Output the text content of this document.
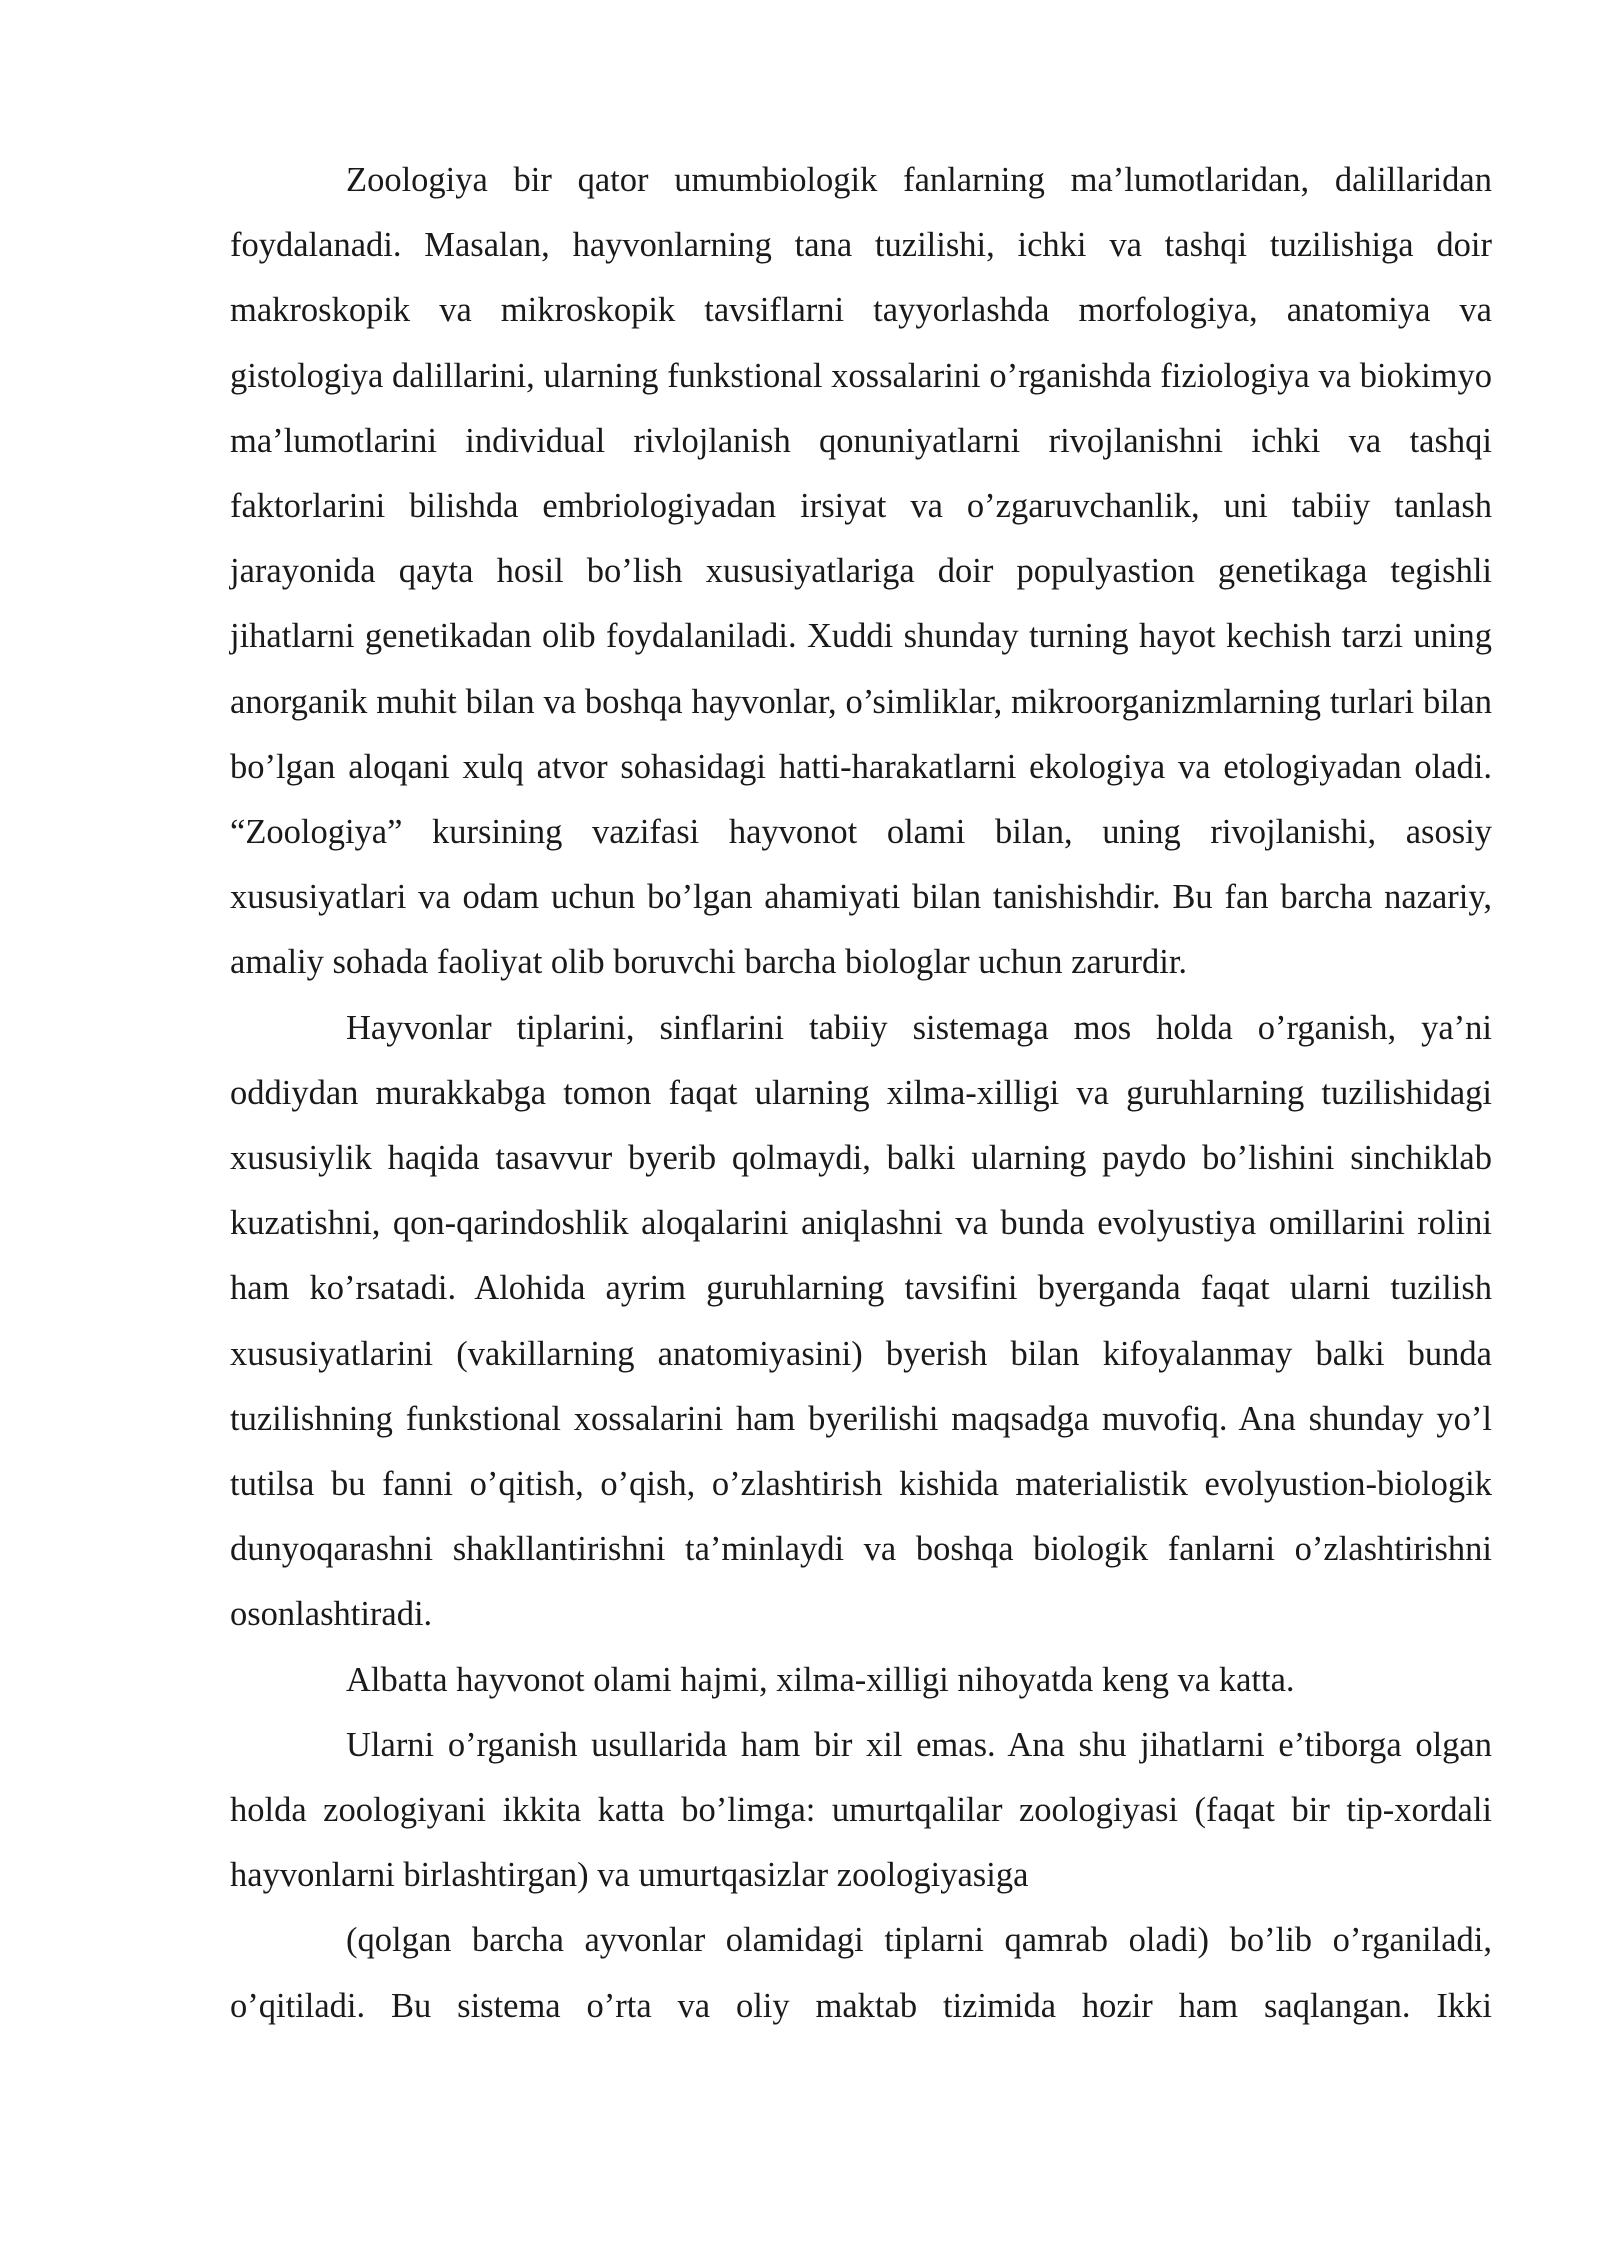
Zoologiya bir qator umumbiologik fanlarning ma’lumotlaridan, dalillaridan foydalanadi. Masalan, hayvonlarning tana tuzilishi, ichki va tashqi tuzilishiga doir makroskopik va mikroskopik tavsiflarni tayyorlashda morfologiya, anatomiya va gistologiya dalillarini, ularning funkstional xossalarini o’rganishda fiziologiya va biokimyo ma’lumotlarini individual rivlojlanish qonuniyatlarni rivojlanishni ichki va tashqi faktorlarini bilishda embriologiyadan irsiyat va o’zgaruvchanlik, uni tabiiy tanlash jarayonida qayta hosil bo’lish xususiyatlariga doir populyastion genetikaga tegishli jihatlarni genetikadan olib foydalaniladi. Xuddi shunday turning hayot kechish tarzi uning anorganik muhit bilan va boshqa hayvonlar, o’simliklar, mikroorganizmlarning turlari bilan bo’lgan aloqani xulq atvor sohasidagi hatti-harakatlarni ekologiya va etologiyadan oladi. “Zoologiya” kursining vazifasi hayvonot olami bilan, uning rivojlanishi, asosiy xususiyatlari va odam uchun bo’lgan ahamiyati bilan tanishishdir. Bu fan barcha nazariy, amaliy sohada faoliyat olib boruvchi barcha biologlar uchun zarurdir.

Hayvonlar tiplarini, sinflarini tabiiy sistemaga mos holda o’rganish, ya’ni oddiydan murakkabga tomon faqat ularning xilma-xilligi va guruhlarning tuzilishidagi xususiylik haqida tasavvur byerib qolmaydi, balki ularning paydo bo’lishini sinchiklab kuzatishni, qon-qarindoshlik aloqalarini aniqlashni va bunda evolyustiya omillarini rolini ham ko’rsatadi. Alohida ayrim guruhlarning tavsifini byerganda faqat ularni tuzilish xususiyatlarini (vakillarning anatomiyasini) byerish bilan kifoyalanmay balki bunda tuzilishning funkstional xossalarini ham byerilishi maqsadga muvofiq. Ana shunday yo’l tutilsa bu fanni o’qitish, o’qish, o’zlashtirish kishida materialistik evolyustion-biologik dunyoqarashni shakllantirishni ta’minlaydi va boshqa biologik fanlarni o’zlashtirishni osonlashtiradi.

Albatta hayvonot olami hajmi, xilma-xilligi nihoyatda keng va katta.

Ularni o’rganish usullarida ham bir xil emas. Ana shu jihatlarni e’tiborga olgan holda zoologiyani ikkita katta bo’limga: umurtqalilar zoologiyasi (faqat bir tip-xordali hayvonlarni birlashtirgan) va umurtqasizlar zoologiyasiga

(qolgan barcha ayvonlar olamidagi tiplarni qamrab oladi) bo’lib o’rganiladi, o’qitiladi. Bu sistema o’rta va oliy maktab tizimida hozir ham saqlangan. Ikki
